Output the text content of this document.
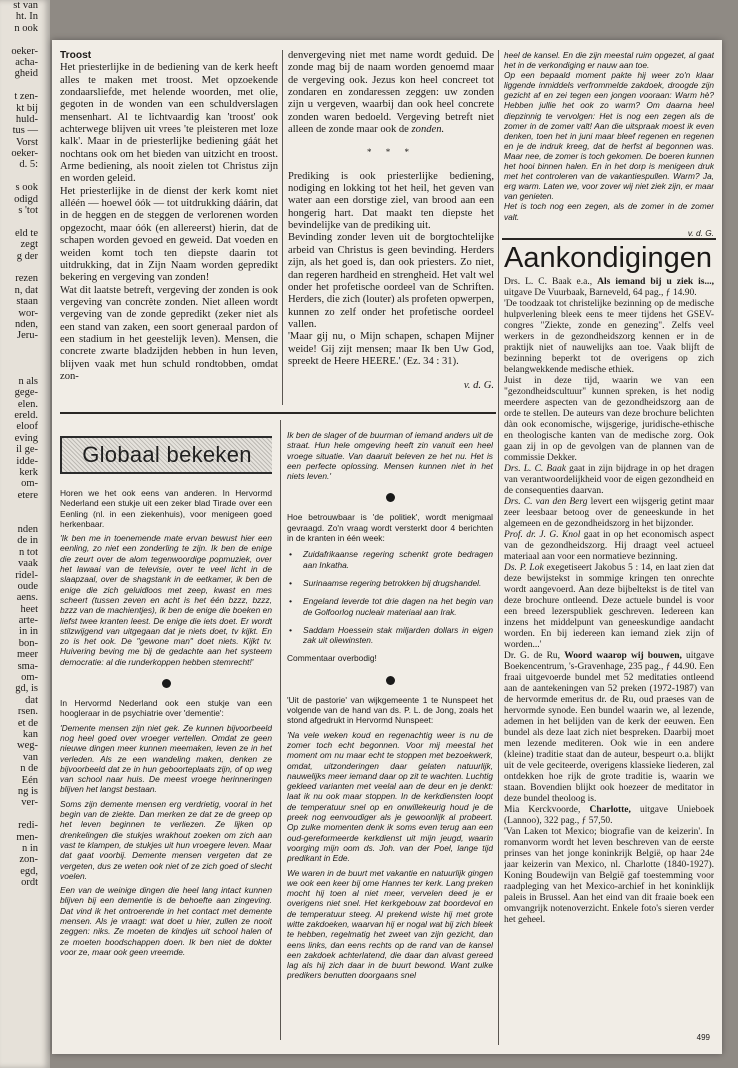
st van
ht. In
n ook
oeker-
acha-
gheid
t zen-
kt bij
huld-
tus —
Vorst
oeker-
d. 5:
s ook
odigd
s 'tot
eld te
zegt
g der
rezen
n, dat
staan
wor-
nden,
Jeru-
n als
gege-
elen.
ereld.
eloof
eving
il ge-
idde-
kerk
om-
etere
nden
de in
n tot
vaak
ridel-
oude
aens.
heet
arte-
in in
bon-
meer
sma-
om-
gd, is
dat
rsen.
et de
kan
weg-
van
n de
Eén
ng is
ver-
redi-
men-
n in
zon-
egd,
ordt

Troost

Het priesterlijke in de bediening van de kerk heeft alles te maken met troost. Met opzoekende zondaarsliefde, met helende woorden, met olie, gegoten in de wonden van een schuldverslagen mensenhart. Al te lichtvaardig kan 'troost' ook achterwege blijven uit vrees 'te pleisteren met loze kalk'. Maar in de priesterlijke bediening gáát het nochtans ook om het bieden van uitzicht en troost. Arme bediening, als nooit zielen tot Christus zijn en worden geleid.

Het priesterlijke in de dienst der kerk komt niet alléén — hoewel óók — tot uitdrukking dáárin, dat in de heggen en de steggen de verlorenen worden opgezocht, maar óók (en allereerst) hierin, dat de schapen worden gevoed en geweid. Dat voeden en weiden komt toch ten diepste daarin tot uitdrukking, dat in Zijn Naam worden gepredikt bekering en vergeving van zonden!

Wat dit laatste betreft, vergeving der zonden is ook vergeving van concrète zonden. Niet alleen wordt vergeving van de zonde gepredikt (zeker niet als een stand van zaken, een soort generaal pardon of een stadium in het geestelijk leven). Mensen, die concrete zwarte bladzijden hebben in hun leven, blijven vaak met hun schuld rondtobben, omdat zon-

denvergeving niet met name wordt geduid. De zonde mag bij de naam worden genoemd maar de vergeving ook. Jezus kon heel concreet tot zondaren en zondaressen zeggen: uw zonden zijn u vergeven, waarbij dan ook heel concrete zonden waren bedoeld. Vergeving betreft niet alleen de zonde maar ook de zonden.

* * *

Prediking is ook priesterlijke bediening, nodiging en lokking tot het heil, het geven van water aan een dorstige ziel, van brood aan een hongerig hart. Dat maakt ten diepste het bevindelijke van de prediking uit.

Bevinding zonder leven uit de borgtochtelijke arbeid van Christus is geen bevinding. Herders zijn, als het goed is, dan ook priesters. Zo niet, dan regeren hardheid en strengheid. Het valt wel onder het profetische oordeel van de Schriften. Herders, die zich (louter) als profeten opwerpen, kunnen zo zelf onder het profetische oordeel vallen.

'Maar gij nu, o Mijn schapen, schapen Mijner weide! Gij zijt mensen; maar Ik ben Uw God, spreekt de Heere HEERE.' (Ez. 34 : 31).

v. d. G.

heel de kansel. En die zijn meestal ruim opgezet, al gaat het in de verkondiging er nauw aan toe.

Op een bepaald moment pakte hij weer zo'n klaar liggende inmiddels verfrommelde zakdoek, droogde zijn gezicht af en zei tegen een jongen vooraan: Warm hè? Hebben jullie het ook zo warm? Om daarna heel diepzinnig te vervolgen: Het is nog een zegen als de zomer in de zomer valt! Aan die uitspraak moest ik even denken, toen het in juni maar bleef regenen en regenen en je de indruk kreeg, dat de herfst al begonnen was. Maar nee, de zomer is toch gekomen. De boeren kunnen het hooi binnen halen. En in het dorp is menigeen druk met het controleren van de vakantiespullen. Warm? Ja, erg warm. Laten we, voor zover wij niet ziek zijn, er maar van genieten.

Het is toch nog een zegen, als de zomer in de zomer valt.

v. d. G.

Aankondigingen

Drs. L. C. Baak e.a., Als iemand bij u ziek is..., uitgave De Vuurbaak, Barneveld, 64 pag., ƒ 14.90.

'De toodzaak tot christelijke bezinning op de medische hulpverlening bleek eens te meer tijdens het GSEV-congres "Ziekte, zonde en genezing". Zelfs veel werkers in de gezondheidszorg kennen er in de praktijk niet of nauwelijks aan toe. Vaak blijft de bezinning beperkt tot de overigens op zich belangwekkende medische ethiek.

Juist in deze tijd, waarin we van een "gezondheidscultuur" kunnen spreken, is het nodig meerdere aspecten van de gezondheidszorg aan de orde te stellen. De auteurs van deze brochure belichten dàn ook economische, wijsgerige, juridische-ethische en theologische kanten van de medische zorg. Ook gaan zij in op de gevolgen van de plannen van de commissie Dekker.

Drs. L. C. Baak gaat in zijn bijdrage in op het dragen van verantwoordelijkheid voor de eigen gezondheid en de consequenties daarvan.

Drs. C. van den Berg levert een wijsgerig getint maar zeer leesbaar betoog over de geneeskunde in het algemeen en de gezondheidszorg in het bijzonder.

Prof. dr. J. G. Knol gaat in op het economisch aspect van de gezondheidszorg. Hij draagt veel actueel materiaal aan voor een normatieve bezinning.

Ds. P. Lok exegetiseert Jakobus 5 : 14, en laat zien dat deze bewijstekst in sommige kringen ten onrechte wordt aangevoerd. Aan deze bijbeltekst is de titel van deze brochure ontleend. Deze actuele bundel is voor een breed lezerspubliek geschreven. Iedereen kan inzens het middelpunt van geneeskundige aandacht worden. En bij iedereen kan iemand ziek zijn of worden...'

Dr. G. de Ru, Woord waarop wij bouwen, uitgave Boekencentrum, 's-Gravenhage, 235 pag., ƒ 44.90. Een fraai uitgevoerde bundel met 52 meditaties ontleend aan de aantekeningen van 52 preken (1972-1987) van de hervormde emeritus dr. de Ru, oud praeses van de hervormde synode. Een bundel waarin we, al lezende, ademen in het belijden van de kerk der eeuwen. Een bundel als deze laat zich niet bespreken. Daarbij moet men lezende mediteren. Ook wie in een andere (kleine) traditie staat dan de auteur, bespeurt o.a. blijkt uit de vele geciteerde, overigens klassieke liederen, zal ontdekken hoe rijk de grote traditie is, waarin we staan. Bovendien blijkt ook hoezeer de meditator in deze bundel theoloog is.

Mia Kerckvoorde, Charlotte, uitgave Unieboek (Lannoo), 322 pag., ƒ 57,50.

'Van Laken tot Mexico; biografie van de keizerin'. In romanvorm wordt het leven beschreven van de eerste prinses van het jonge koninkrijk België, op haar 24e jaar keizerin van Mexico, nl. Charlotte (1840-1927). Koning Boudewijn van België gaf toestemming voor raadpleging van het Mexico-archief in het koninklijk paleis in Brussel. Aan het eind van dit fraaie boek een omvangrijk notenoverzicht. Enkele foto's sieren verder het geheel.

Globaal bekeken

Horen we het ook eens van anderen. In Hervormd Nederland een stukje uit een zeker blad Tirade over een Eenling (nl. in een ziekenhuis), voor menigeen goed herkenbaar.

'Ik ben me in toenemende mate ervan bewust hier een eenling, zo niet een zonderling te zijn. Ik ben de enige die zeurt over de alom tegenwoordige popmuziek, over het lawaai van de televisie, over te veel licht in de slaapzaal, over de shagstank in de eetkamer, ik ben de enige die zich geluidloos met zeep, kwast en mes scheert (tussen zeven en acht is het één bzzz, bzzz, bzzz van de machientjes), ik ben de enige die boeken en liefst twee kranten leest. De enige die iets doet. Er wordt stilzwijgend van uitgegaan dat je niets doet, tv kijkt. En zo is het ook. De "gewone man" doet niets. Kijkt tv. Huivering beving me bij de gedachte aan het systeem democratie: al die runderkoppen hebben stemrecht!'

In Hervormd Nederland ook een stukje van een hoogleraar in de psychiatrie over 'dementie':

'Demente mensen zijn niet gek. Ze kunnen bijvoorbeeld nog heel goed over vroeger vertellen. Omdat ze geen nieuwe dingen meer kunnen meemaken, leven ze in het verleden. Als ze een wandeling maken, denken ze bijvoorbeeld dat ze in hun geboorteplaats zijn, of op weg van school naar huis. De meest vroege herinneringen blijven het langst bestaan.

Soms zijn demente mensen erg verdrietig, vooral in het begin van de ziekte. Dan merken ze dat ze de greep op het leven beginnen te verliezen. Ze lijken op drenkelingen die stukjes wrakhout zoeken om zich aan vast te klampen, de stukjes uit hun vroegere leven. Maar dat gaat voorbij. Demente mensen vergeten dat ze vergeten, dus ze weten ook niet of ze zich goed of slecht voelen.

Een van de weinige dingen die heel lang intact kunnen blijven bij een dementie is de behoefte aan zingeving. Dat vind ik het ontroerende in het contact met demente mensen. Als je vraagt: wat doet u hier, zullen ze nooit zeggen: niks. Ze moeten de kindjes uit school halen of ze moeten boodschappen doen. Ik ben niet de dokter voor ze, maar ook geen vreemde.

Ik ben de slager of de buurman of iemand anders uit de straat. Hun hele omgeving heeft zin vanuit een heel vroege situatie. Van daaruit beleven ze het nu. Het is een perfecte oplossing. Mensen kunnen niet in het niets leven.'

Hoe betrouwbaar is 'de politiek', wordt menigmaal gevraagd. Zo'n vraag wordt versterkt door 4 berichten in de kranten in één week:

• Zuidafrikaanse regering schenkt grote bedragen aan Inkatha.
• Surinaamse regering betrokken bij drugshandel.
• Engeland leverde tot drie dagen na het begin van de Golfoorlog nucleair materiaal aan Irak.
• Saddam Hoessein stak miljarden dollars in eigen zak uit oliewinsten.

Commentaar overbodig!

'Uit de pastorie' van wijkgemeente 1 te Nunspeet het volgende van de hand van ds. P. L. de Jong, zoals het stond afgedrukt in Hervormd Nunspeet:

'Na vele weken koud en regenachtig weer is nu de zomer toch echt begonnen. Voor mij meestal het moment om nu maar echt te stoppen met bezoekwerk, omdat, uitzonderingen daar gelaten natuurlijk, nauwelijks meer iemand daar op zit te wachten. Luchtig gekleed varianten met veelal aan de deur en je denkt: laat ik nu ook maar stoppen. In de kerkdiensten loopt de temperatuur snel op en onwillekeurig houd je de preek nog eenvoudiger als je gewoonlijk al probeert. Op zulke momenten denk ik soms even terug aan een oud-gereformeerde kerkdienst uit mijn jeugd, waarin voorging mijn oom ds. Joh. van der Poel, lange tijd predikant in Ede.

We waren in de buurt met vakantie en natuurlijk gingen we ook een keer bij ome Hannes ter kerk. Lang preken mocht hij toen al niet meer, vervelen deed je er overigens niet snel. Het kerkgebouw zat boordevol en de temperatuur steeg. Al prekend wiste hij met grote witte zakdoeken, waarvan hij er nogal wat bij zich bleek te hebben, regelmatig het zweet van zijn gezicht, dan eens links, dan eens rechts op de rand van de kansel een zakdoek achterlatend, die daar dan alvast gereed lag als hij zich daar in de buurt bewond. Want zulke predikers benutten doorgaans snel

499
